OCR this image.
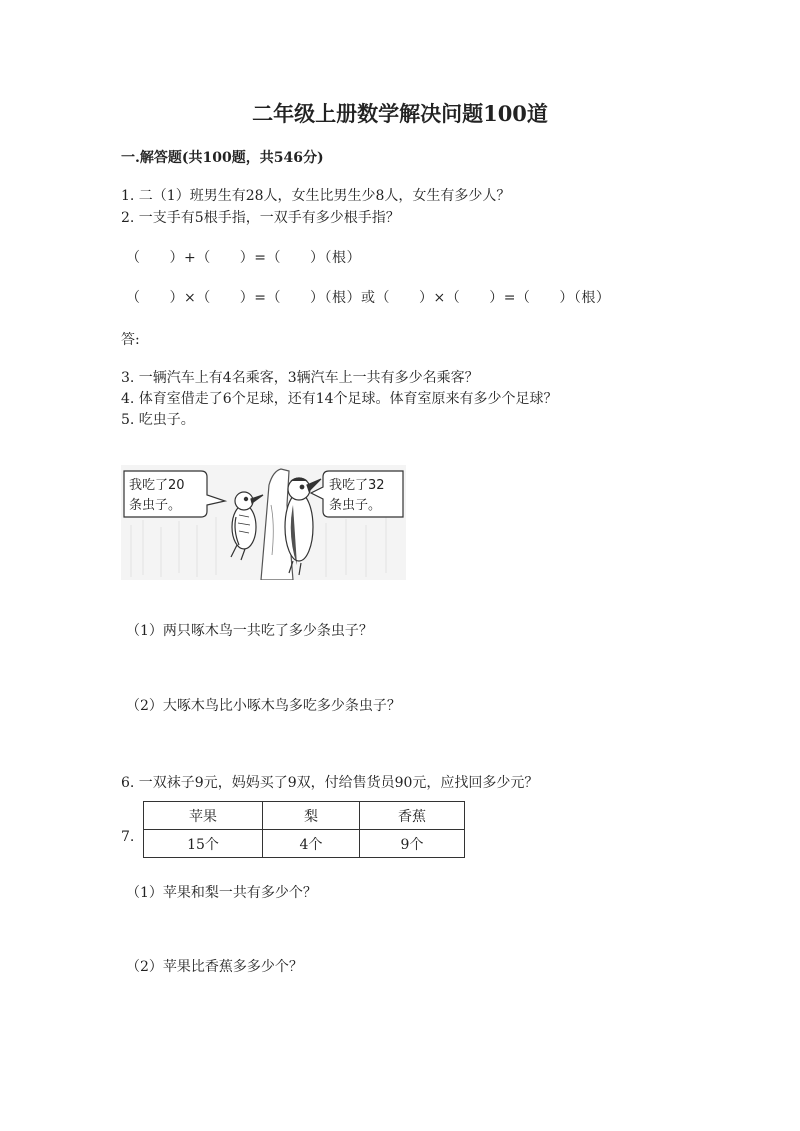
二年级上册数学解决问题100道
一.解答题(共100题，共546分)
1. 二（1）班男生有28人，女生比男生少8人，女生有多少人？
2. 一支手有5根手指，一双手有多少根手指？
（　　）+（　　）=（　　）（根）
（　　）×（　　）=（　　）（根）或（　　）×（　　）=（　　）（根）
答:
3. 一辆汽车上有4名乘客，3辆汽车上一共有多少名乘客？
4. 体育室借走了6个足球，还有14个足球。体育室原来有多少个足球？
5. 吃虫子。
我吃了20
条虫子。
我吃了32
条虫子。
（1）两只啄木鸟一共吃了多少条虫子？
（2）大啄木鸟比小啄木鸟多吃多少条虫子？
6. 一双袜子9元，妈妈买了9双，付给售货员90元，应找回多少元？
7.
苹果	梨	香蕉
15个	4个	9个
（1）苹果和梨一共有多少个？
（2）苹果比香蕉多多少个？
